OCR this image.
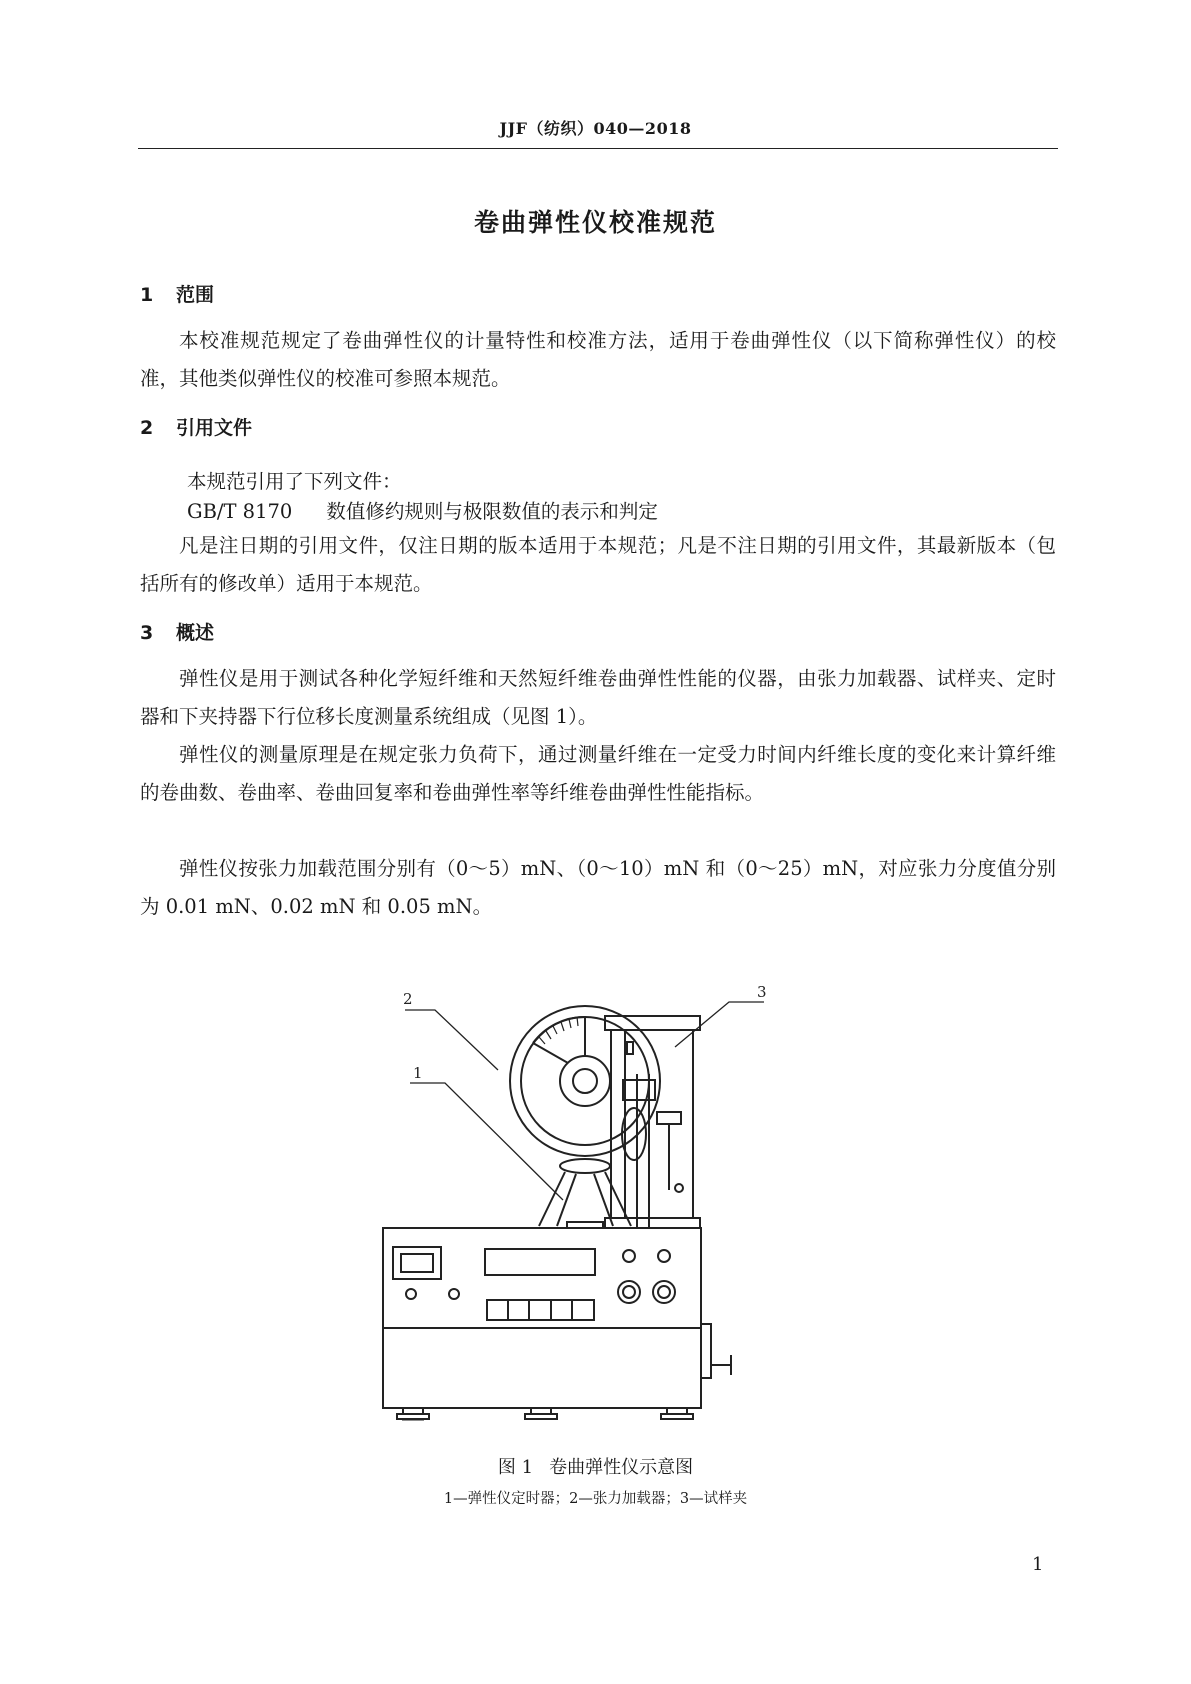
JJF（纺织）040—2018
卷曲弹性仪校准规范
1 范围
本校准规范规定了卷曲弹性仪的计量特性和校准方法，适用于卷曲弹性仪（以下简称弹性仪）的校准，其他类似弹性仪的校准可参照本规范。
2 引用文件
本规范引用了下列文件：
GB/T 8170 数值修约规则与极限数值的表示和判定
凡是注日期的引用文件，仅注日期的版本适用于本规范；凡是不注日期的引用文件，其最新版本（包括所有的修改单）适用于本规范。
3 概述
弹性仪是用于测试各种化学短纤维和天然短纤维卷曲弹性性能的仪器，由张力加载器、试样夹、定时器和下夹持器下行位移长度测量系统组成（见图 1）。
弹性仪的测量原理是在规定张力负荷下，通过测量纤维在一定受力时间内纤维长度的变化来计算纤维的卷曲数、卷曲率、卷曲回复率和卷曲弹性率等纤维卷曲弹性性能指标。
弹性仪按张力加载范围分别有（0～5）mN、（0～10）mN 和（0～25）mN，对应张力分度值分别为 0.01 mN、0.02 mN 和 0.05 mN。
2
1
3
图 1 卷曲弹性仪示意图
1—弹性仪定时器；2—张力加载器；3—试样夹
1
